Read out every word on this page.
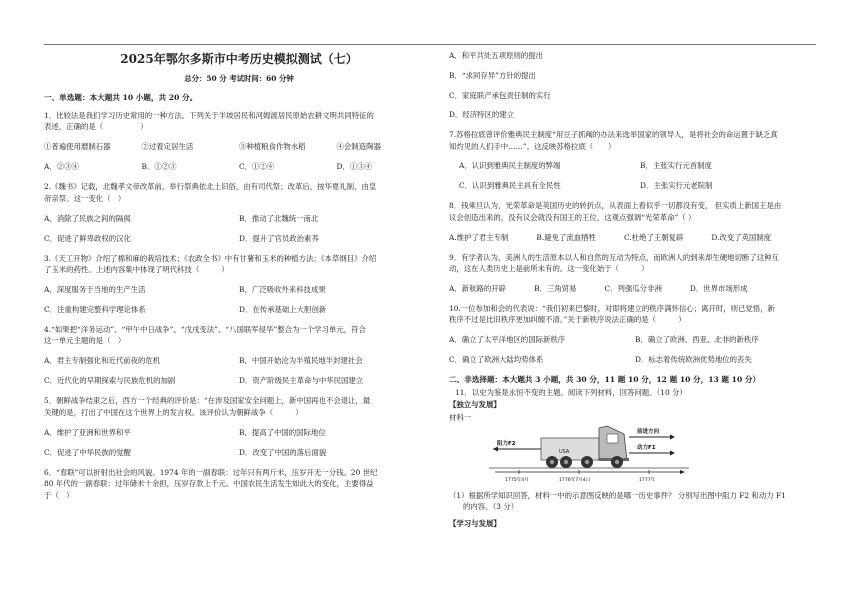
2025年鄂尔多斯市中考历史模拟测试（七）
总分：50 分 考试时间：60 分钟
一、单选题：本大题共 10 小题，共 20 分。
1．比较法是我们学习历史常用的一种方法。下列关于半坡居民和河姆渡居民原始农耕文明共同特征的
表述，正确的是（　　　　　）
①普遍使用磨制石器	②过着定居生活	③种植粮食作物水稻	④会制造陶器
A．②③④	B．①②③	C．①②④	D．①③④
2.《魏书》记载，北魏孝文帝改革前，举行祭典依北土旧俗，由有司代祭；改革后，按华夏礼制，由皇
帝亲祭。这一变化（　）
A．消除了民族之间的隔阂	B．推动了北魏统一南北
C．促进了鲜卑政权的汉化	D．提升了官员政治素养
3.《天工开物》介绍了棉和麻的栽培技术；《农政全书》中有甘薯和玉米的种植方法；《本草纲目》介绍
了玉米的药性。上述内容集中体现了明代科技（　　　）
A．深度服务于当地的生产生活	B．广泛吸收外来科技成果
C．注重构建完整科学理论体系	D．在传承基础上大胆创新
4.“如果把“洋务运动”、“甲午中日战争”、“戊戌变法”、“八国联军侵华”整合为一个学习单元，符合
这一单元主题的是（　）
A．君主专制强化和近代前夜的危机	B．中国开始沦为半殖民地半封建社会
C．近代化的早期探索与民族危机的加剧	D．资产阶级民主革命与中华民国建立
5．朝鲜战争结束之后，西方一个经典的评价是：“在涉及国家安全问题上，新中国再也不会退让，最
关键的是，打出了中国在这个世界上的发言权。该评价认为朝鲜战争（　　　）
A．维护了亚洲和世界和平	B．提高了中国的国际地位
C．促进了中华民族的觉醒	D．改变了中国的落后面貌
6．“春联”可以折射出社会的风貌。1974 年的一副春联：过年只有两斤米，压岁开无一分钱。20 世纪
80 年代的一副春联：过年储米十余担，压岁存款上千元。中国农民生活发生如此大的变化，主要得益
于（　）
A．和平共处五项原则的提出
B．“求同存异”方针的提出
C．家庭联产承包责任制的实行
D．经济特区的建立
7.苏格拉底曾评价雅典民主制度“用豆子抓阄的办法来选举国家的领导人，是将社会的命运置于缺乏真
知灼见的人们手中……”。这反映苏格拉底（　　）
A．认识到雅典民主制度的弊端	B．主张实行元首制度
C．认识到雅典民主具有全民性	D．主张实行元老院制
8．钱乘旦认为，光荣革命是英国历史的转折点，从表面上看似乎一切都没有变， 但实质上新国王是由
议会创造出来的，没有议会就没有国王的王位，这观点强调“光荣革命”（ ）
A.维护了君主专制	B.避免了流血牺牲	C.杜绝了王朝复辟	D.改变了英国制度
9．有学者认为，美洲人的生活原本以人和自然的互动为特点，而欧洲人的到来却生硬地切断了这种互
动，这在人类历史上是前所未有的。这一变化始于（　　　）
A．新航路的开辟	B．三角贸易	C．列强瓜分非洲	D．世界市场形成
10.一位参加和会的代表说：“我们初来巴黎时，对即将建立的秩序满怀信心；离开时，则已觉悟，新
秩序不过是比旧秩序更加纠缠不清。”关于新秩序说法正确的是（　　　）
A．确立了太平洋地区的国际新秩序	B．确立了欧洲、西亚、北非的新秩序
C．确立了欧洲大陆均势体系	D．标志着传统欧洲优势地位的丧失
二、非选择题：本大题共 3 小题，共 30 分，11 题 10 分，12 题 10 分，13 题 10 分）
11．以史为鉴是永恒不变的主题。阅读下列材料，回答问题。（10 分）
【独立与发展】
材料一
USA
阻力F2
前进方向
动力F1
1775年4月	1776年7月4日	1777年
（1）根据所学知识回答，材料一中的示意图反映的是哪一历史事件？ 分别写出图中阻力 F2 和动力 F1
的内容。（3 分）
【学习与发展】
